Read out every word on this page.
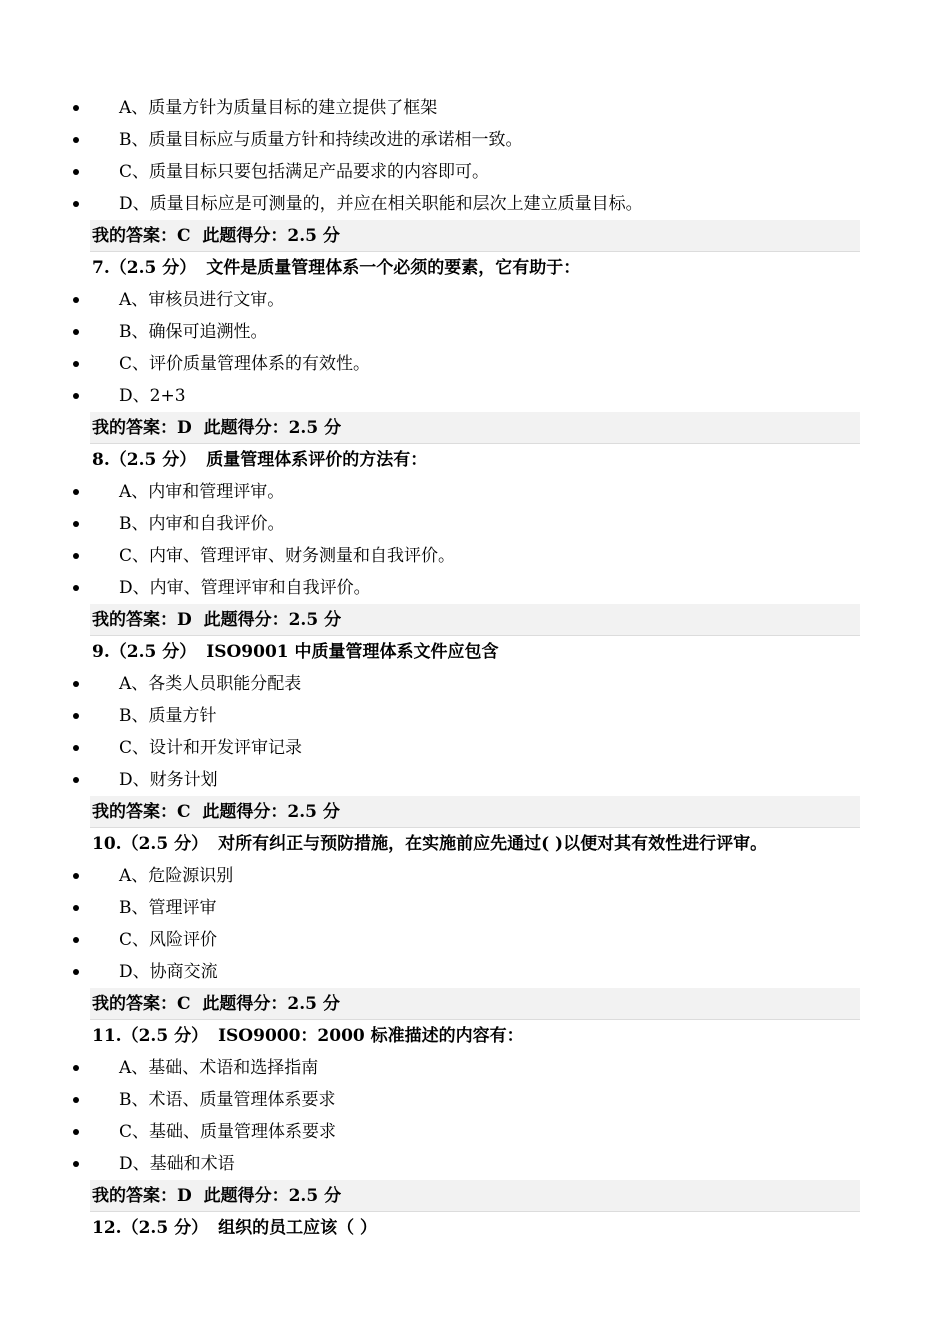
A、质量方针为质量目标的建立提供了框架
B、质量目标应与质量方针和持续改进的承诺相一致。
C、质量目标只要包括满足产品要求的内容即可。
D、质量目标应是可测量的，并应在相关职能和层次上建立质量目标。
我的答案：C 此题得分：2.5 分
7.（2.5 分） 文件是质量管理体系一个必须的要素，它有助于：
A、审核员进行文审。
B、确保可追溯性。
C、评价质量管理体系的有效性。
D、2+3
我的答案：D 此题得分：2.5 分
8.（2.5 分） 质量管理体系评价的方法有：
A、内审和管理评审。
B、内审和自我评价。
C、内审、管理评审、财务测量和自我评价。
D、内审、管理评审和自我评价。
我的答案：D 此题得分：2.5 分
9.（2.5 分） ISO9001 中质量管理体系文件应包含
A、各类人员职能分配表
B、质量方针
C、设计和开发评审记录
D、财务计划
我的答案：C 此题得分：2.5 分
10.（2.5 分） 对所有纠正与预防措施，在实施前应先通过( )以便对其有效性进行评审。
A、危险源识别
B、管理评审
C、风险评价
D、协商交流
我的答案：C 此题得分：2.5 分
11.（2.5 分） ISO9000：2000 标准描述的内容有：
A、基础、术语和选择指南
B、术语、质量管理体系要求
C、基础、质量管理体系要求
D、基础和术语
我的答案：D 此题得分：2.5 分
12.（2.5 分） 组织的员工应该（ ）
